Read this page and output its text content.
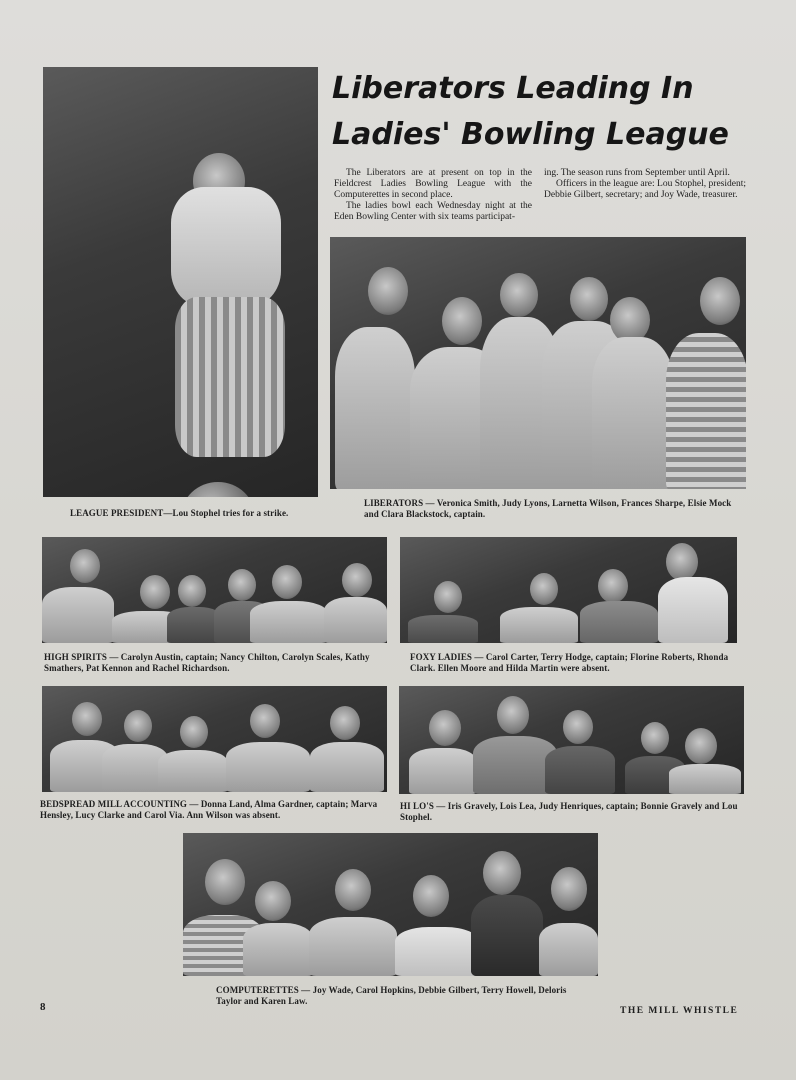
Liberators Leading In
Ladies' Bowling League

The Liberators are at present on top in the Fieldcrest Ladies Bowling League with the Computerettes in second place.

The ladies bowl each Wednesday night at the Eden Bowling Center with six teams participat-

ing. The season runs from September until April.

Officers in the league are: Lou Stophel, president; Debbie Gilbert, secretary; and Joy Wade, treasurer.

LEAGUE PRESIDENT—Lou Stophel tries for a strike.
LIBERATORS — Veronica Smith, Judy Lyons, Larnetta Wilson, Frances Sharpe, Elsie Mock and Clara Blackstock, captain.
HIGH SPIRITS — Carolyn Austin, captain; Nancy Chilton, Carolyn Scales, Kathy Smathers, Pat Kennon and Rachel Richardson.
FOXY LADIES — Carol Carter, Terry Hodge, captain; Florine Roberts, Rhonda Clark. Ellen Moore and Hilda Martin were absent.
BEDSPREAD MILL ACCOUNTING — Donna Land, Alma Gardner, captain; Marva Hensley, Lucy Clarke and Carol Via. Ann Wilson was absent.
HI LO'S — Iris Gravely, Lois Lea, Judy Henriques, captain; Bonnie Gravely and Lou Stophel.
COMPUTERETTES — Joy Wade, Carol Hopkins, Debbie Gilbert, Terry Howell, Deloris Taylor and Karen Law.
8	THE MILL WHISTLE
